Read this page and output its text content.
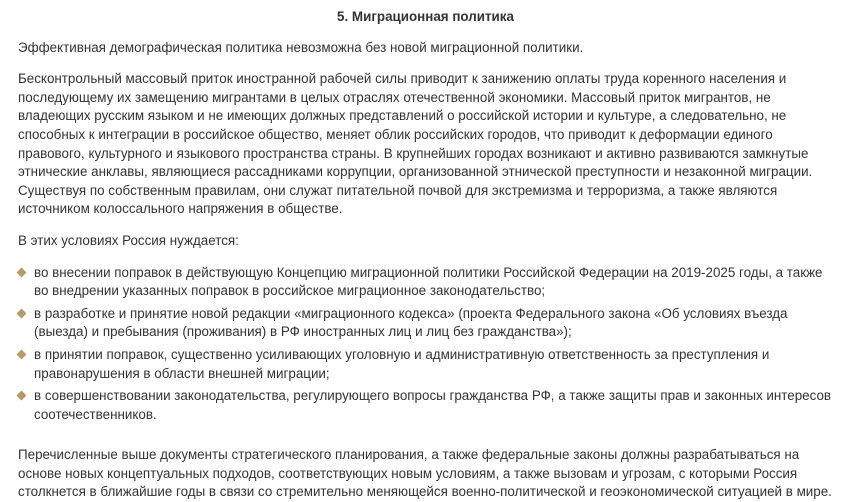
5. Миграционная политика

Эффективная демографическая политика невозможна без новой миграционной политики.

Бесконтрольный массовый приток иностранной рабочей силы приводит к занижению оплаты труда коренного населения и последующему их замещению мигрантами в целых отраслях отечественной экономики. Массовый приток мигрантов, не владеющих русским языком и не имеющих должных представлений о российской истории и культуре, а следовательно, не способных к интеграции в российское общество, меняет облик российских городов, что приводит к деформации единого правового, культурного и языкового пространства страны. В крупнейших городах возникают и активно развиваются замкнутые этнические анклавы, являющиеся рассадниками коррупции, организованной этнической преступности и незаконной миграции. Существуя по собственным правилам, они служат питательной почвой для экстремизма и терроризма, а также являются источником колоссального напряжения в обществе.

В этих условиях Россия нуждается:

во внесении поправок в действующую Концепцию миграционной политики Российской Федерации на 2019-2025 годы, а также во внедрении указанных поправок в российское миграционное законодательство;
в разработке и принятие новой редакции «миграционного кодекса» (проекта Федерального закона «Об условиях въезда (выезда) и пребывания (проживания) в РФ иностранных лиц и лиц без гражданства»);
в принятии поправок, существенно усиливающих уголовную и административную ответственность за преступления и правонарушения в области внешней миграции;
в совершенствовании законодательства, регулирующего вопросы гражданства РФ, а также защиты прав и законных интересов соотечественников.

Перечисленные выше документы стратегического планирования, а также федеральные законы должны разрабатываться на основе новых концептуальных подходов, соответствующих новым условиям, а также вызовам и угрозам, с которыми Россия столкнется в ближайшие годы в связи со стремительно меняющейся военно-политической и геоэкономической ситуацией в мире.
